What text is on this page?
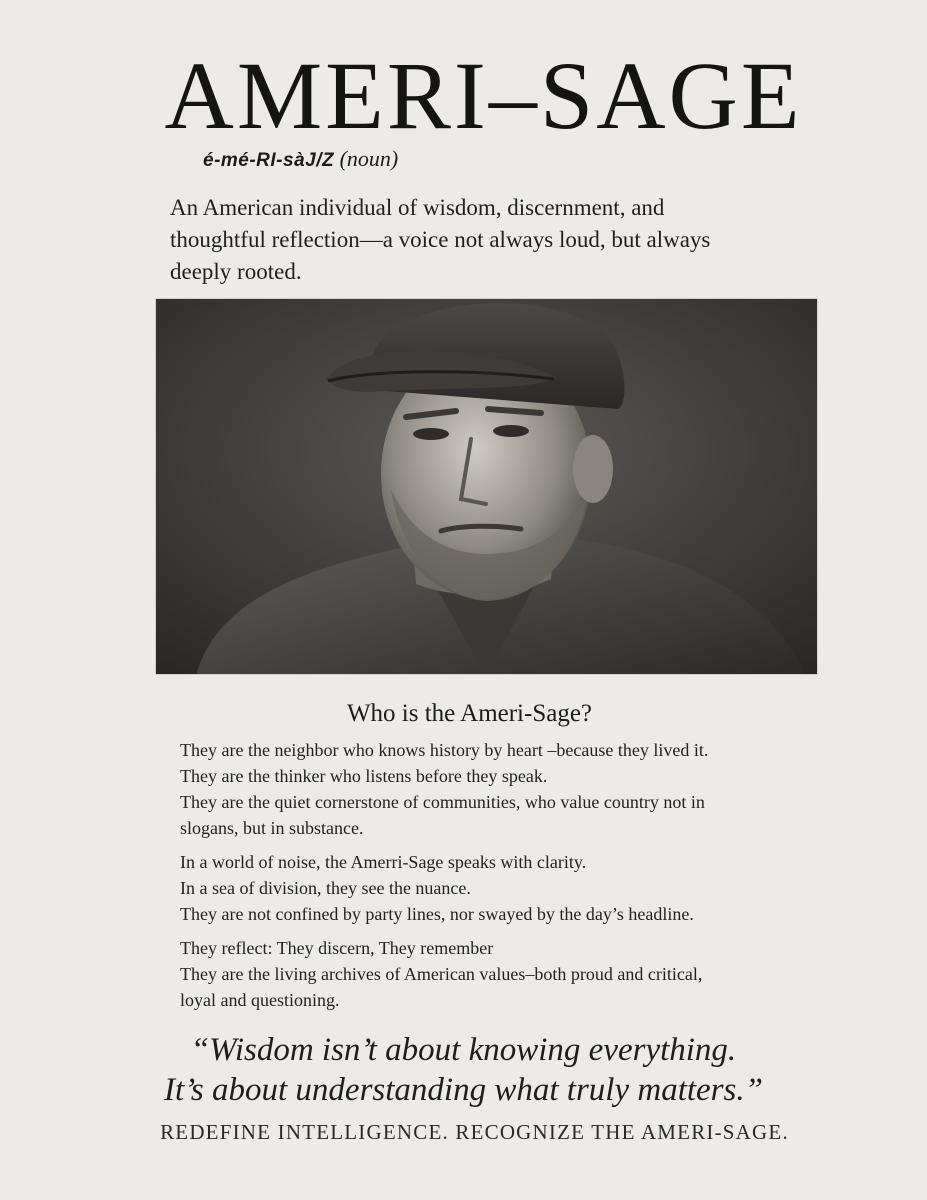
AMERI–SAGE
é-mé-RI-sàJ/Z (noun)
An American individual of wisdom, discernment, and
thoughtful reflection—a voice not always loud, but always
deeply rooted.
Who is the Ameri-Sage?
They are the neighbor who knows history by heart –because they lived it.
They are the thinker who listens before they speak.
They are the quiet cornerstone of communities, who value country not in
slogans, but in substance.
In a world of noise, the Amerri-Sage speaks with clarity.
In a sea of division, they see the nuance.
They are not confined by party lines, nor swayed by the day’s headline.
They reflect: They discern, They remember
They are the living archives of American values–both proud and critical,
loyal and questioning.
“Wisdom isn’t about knowing everything.
It’s about understanding what truly matters.”
REDEFINE INTELLIGENCE. RECOGNIZE THE AMERI-SAGE.
